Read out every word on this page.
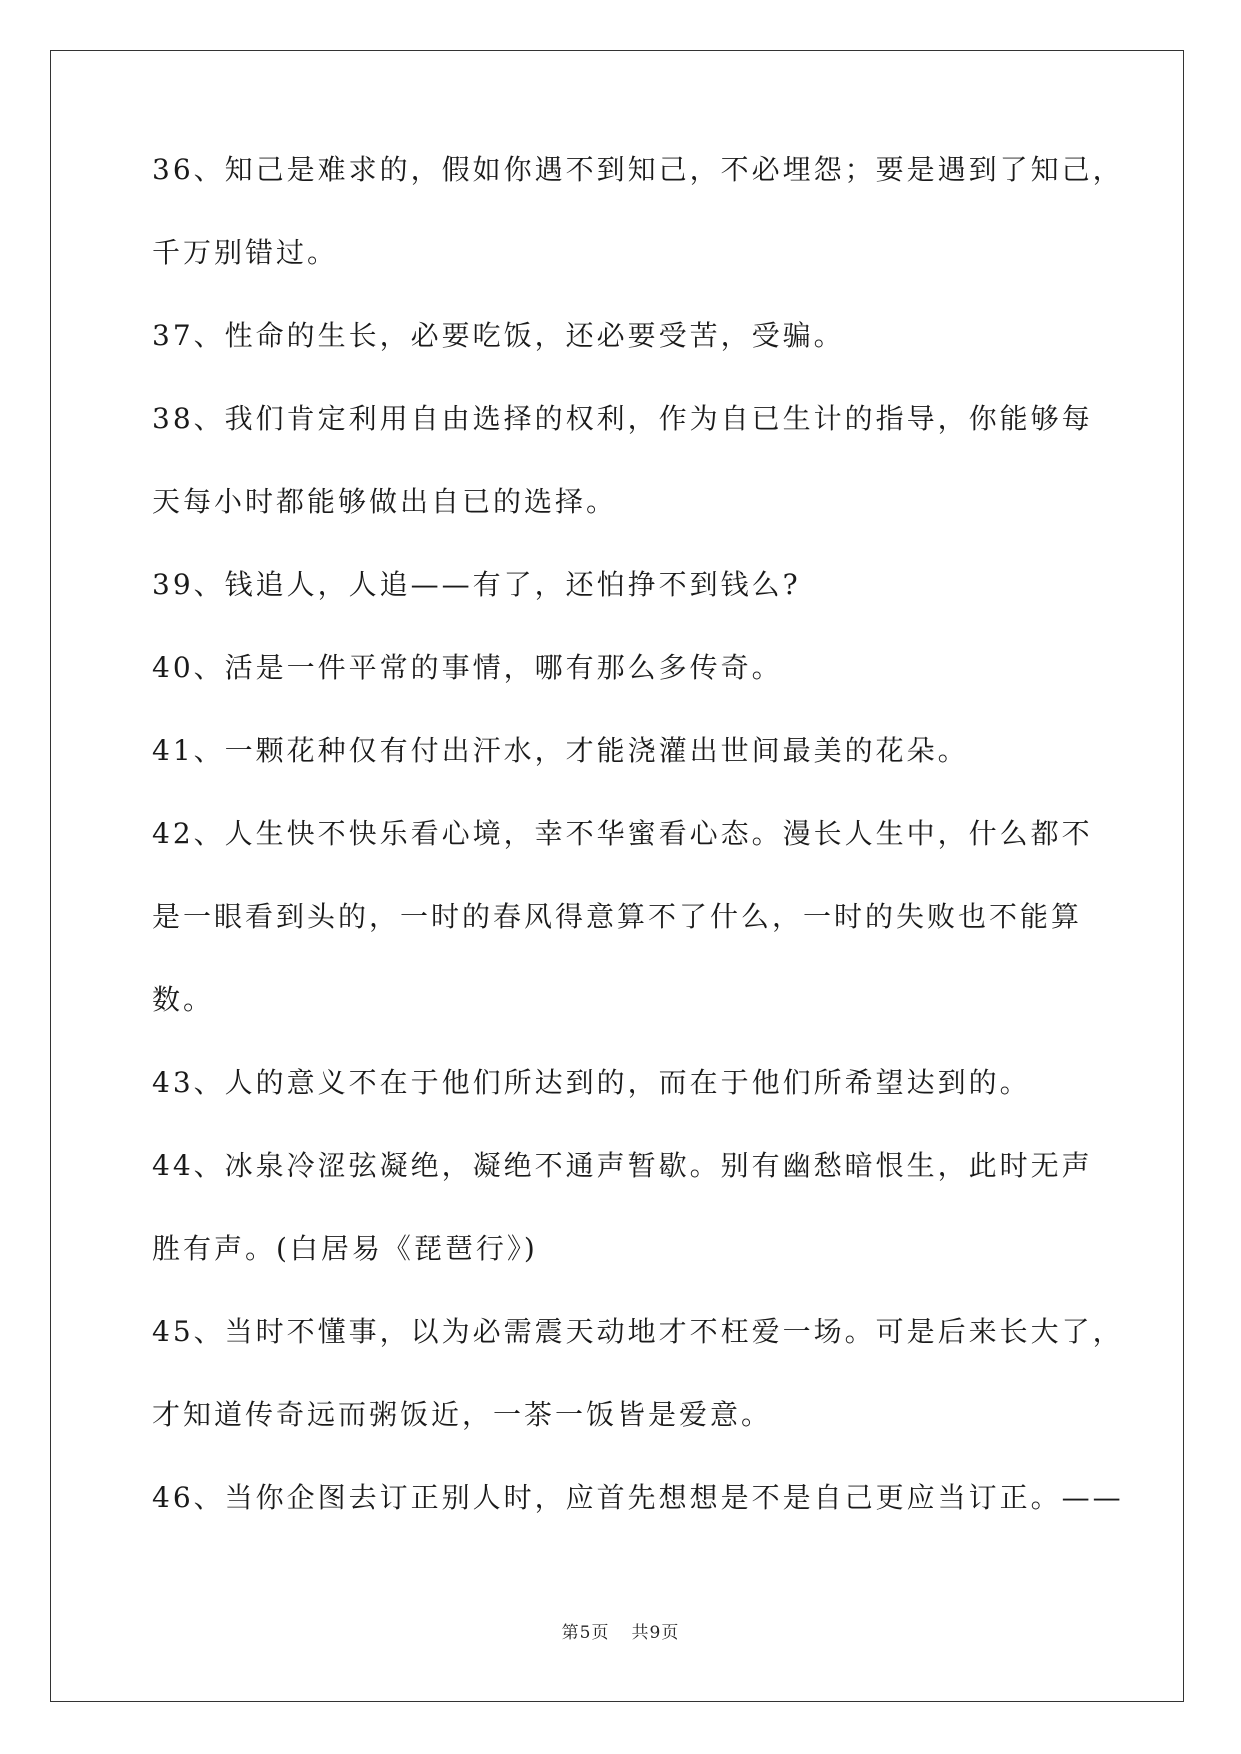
36、知己是难求的，假如你遇不到知己，不必埋怨；要是遇到了知己，

千万别错过。

37、性命的生长，必要吃饭，还必要受苦，受骗。

38、我们肯定利用自由选择的权利，作为自已生计的指导，你能够每

天每小时都能够做出自已的选择。

39、钱追人，人追——有了，还怕挣不到钱么?

40、活是一件平常的事情，哪有那么多传奇。

41、一颗花种仅有付出汗水，才能浇灌出世间最美的花朵。

42、人生快不快乐看心境，幸不华蜜看心态。漫长人生中，什么都不

是一眼看到头的，一时的春风得意算不了什么，一时的失败也不能算

数。

43、人的意义不在于他们所达到的，而在于他们所希望达到的。

44、冰泉冷涩弦凝绝，凝绝不通声暂歇。别有幽愁暗恨生，此时无声

胜有声。(白居易《琵琶行》)

45、当时不懂事，以为必需震天动地才不枉爱一场。可是后来长大了，

才知道传奇远而粥饭近，一茶一饭皆是爱意。

46、当你企图去订正别人时，应首先想想是不是自己更应当订正。——

第5页 共9页
